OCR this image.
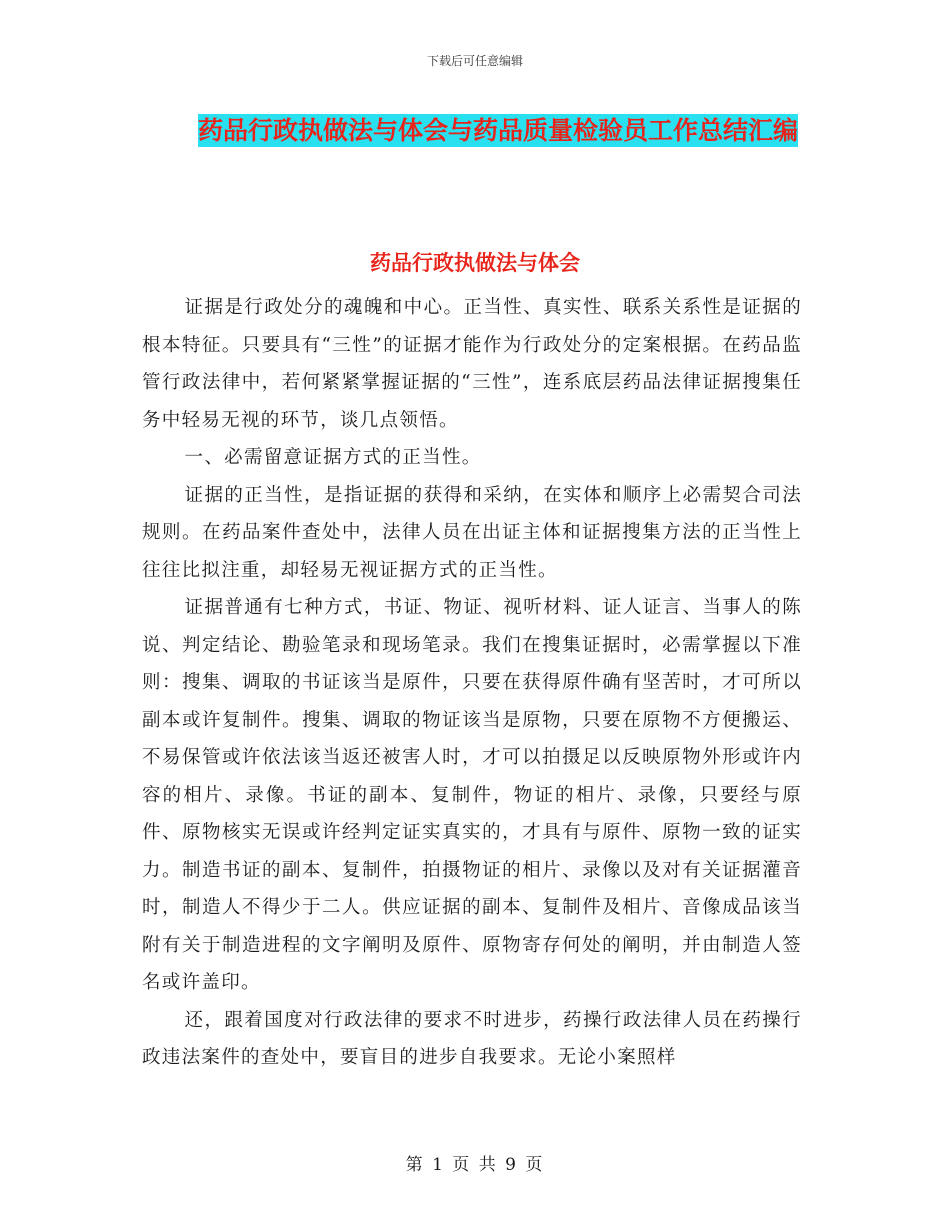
下载后可任意编辑
药品行政执做法与体会与药品质量检验员工作总结汇编
药品行政执做法与体会

证据是行政处分的魂魄和中心。正当性、真实性、联系关系性是证据的根本特征。只要具有“三性”的证据才能作为行政处分的定案根据。在药品监管行政法律中，若何紧紧掌握证据的“三性”，连系底层药品法律证据搜集任务中轻易无视的环节，谈几点领悟。

一、必需留意证据方式的正当性。

证据的正当性，是指证据的获得和采纳，在实体和顺序上必需契合司法规则。在药品案件查处中，法律人员在出证主体和证据搜集方法的正当性上往往比拟注重，却轻易无视证据方式的正当性。

证据普通有七种方式，书证、物证、视听材料、证人证言、当事人的陈说、判定结论、勘验笔录和现场笔录。我们在搜集证据时，必需掌握以下准则：搜集、调取的书证该当是原件，只要在获得原件确有坚苦时，才可所以副本或许复制件。搜集、调取的物证该当是原物，只要在原物不方便搬运、不易保管或许依法该当返还被害人时，才可以拍摄足以反映原物外形或许内容的相片、录像。书证的副本、复制件，物证的相片、录像，只要经与原件、原物核实无误或许经判定证实真实的，才具有与原件、原物一致的证实力。制造书证的副本、复制件，拍摄物证的相片、录像以及对有关证据灌音时，制造人不得少于二人。供应证据的副本、复制件及相片、音像成品该当附有关于制造进程的文字阐明及原件、原物寄存何处的阐明，并由制造人签名或许盖印。

还，跟着国度对行政法律的要求不时进步，药操行政法律人员在药操行政违法案件的查处中，要盲目的进步自我要求。无论小案照样

第 1 页 共 9 页
